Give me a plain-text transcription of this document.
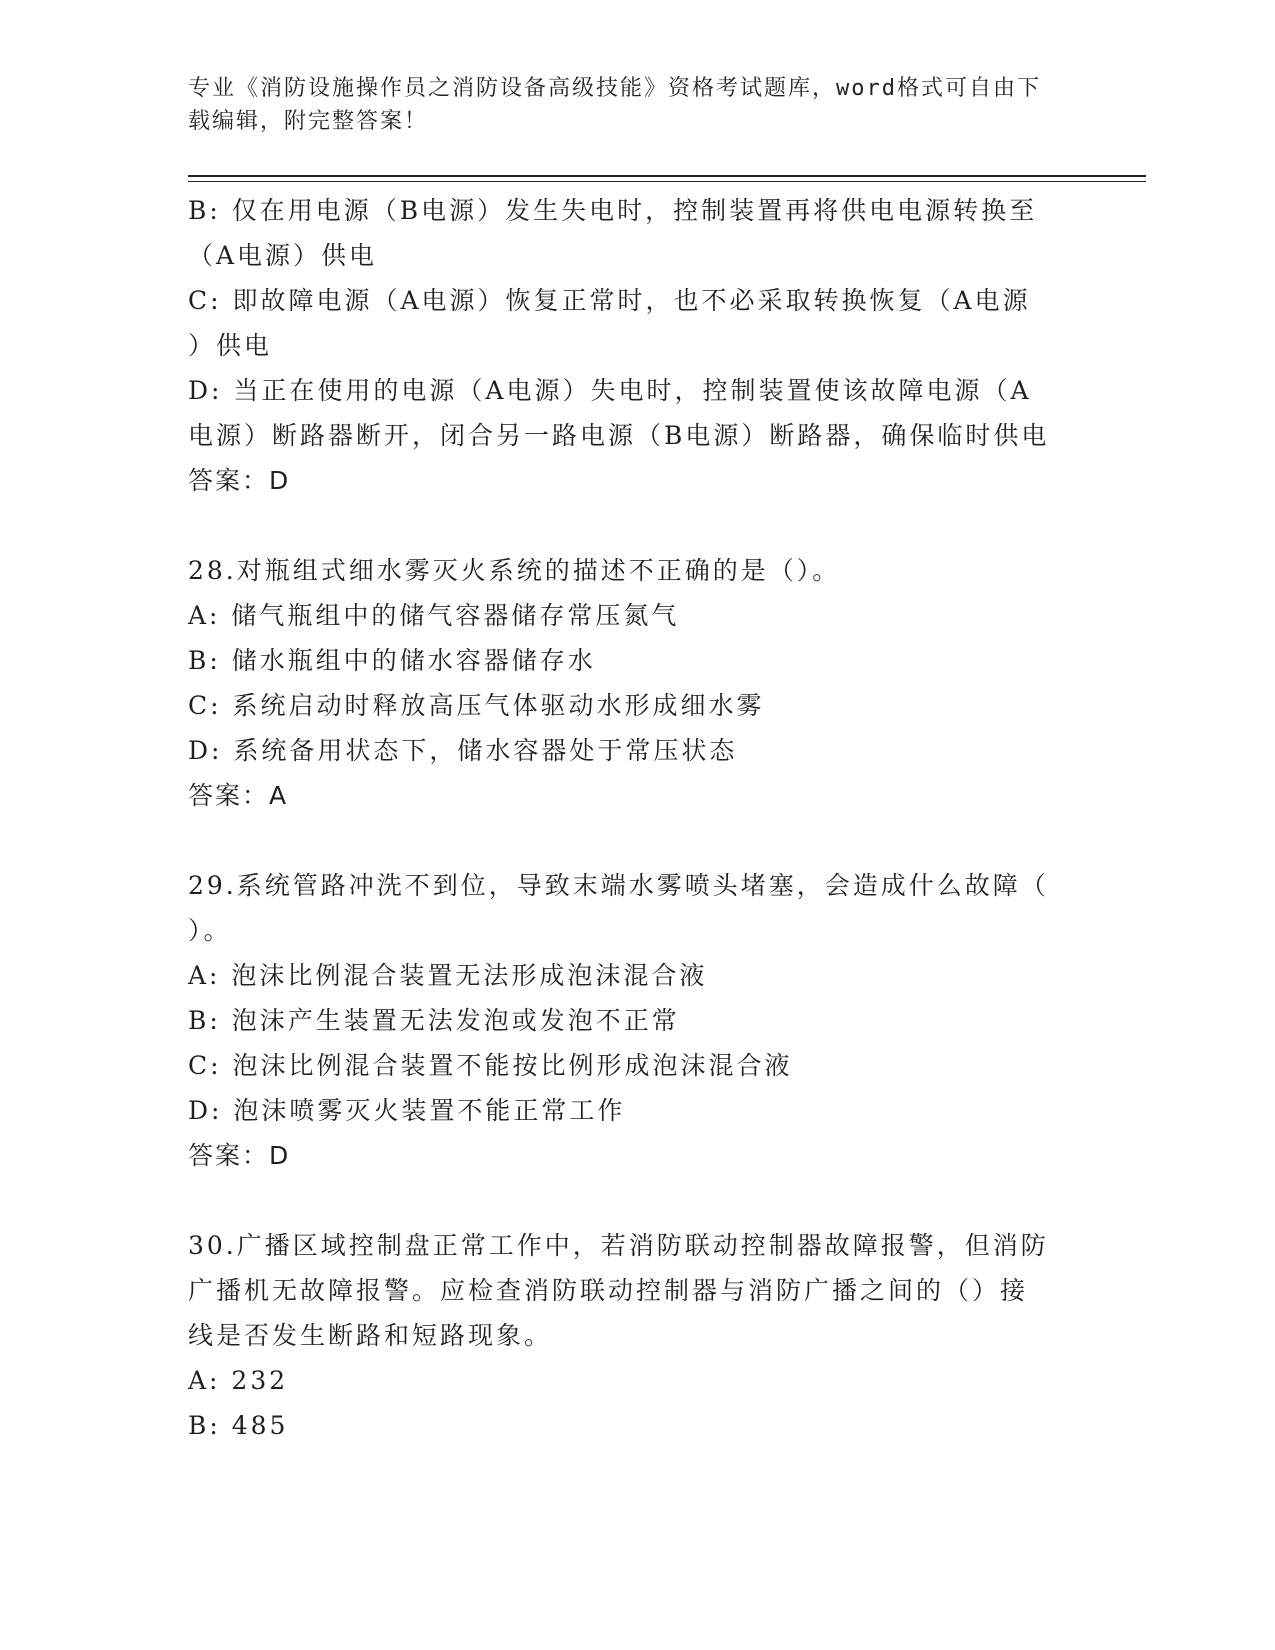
专业《消防设施操作员之消防设备高级技能》资格考试题库，word格式可自由下
载编辑，附完整答案！
B: 仅在用电源（B电源）发生失电时，控制装置再将供电电源转换至
（A电源）供电
C: 即故障电源（A电源）恢复正常时，也不必采取转换恢复（A电源
）供电
D: 当正在使用的电源（A电源）失电时，控制装置使该故障电源（A
电源）断路器断开，闭合另一路电源（B电源）断路器，确保临时供电
答案：D
28.对瓶组式细水雾灭火系统的描述不正确的是（）。
A: 储气瓶组中的储气容器储存常压氮气
B: 储水瓶组中的储水容器储存水
C: 系统启动时释放高压气体驱动水形成细水雾
D: 系统备用状态下，储水容器处于常压状态
答案：A
29.系统管路冲洗不到位，导致末端水雾喷头堵塞，会造成什么故障（
）。
A: 泡沫比例混合装置无法形成泡沫混合液
B: 泡沫产生装置无法发泡或发泡不正常
C: 泡沫比例混合装置不能按比例形成泡沫混合液
D: 泡沫喷雾灭火装置不能正常工作
答案：D
30.广播区域控制盘正常工作中，若消防联动控制器故障报警，但消防
广播机无故障报警。应检查消防联动控制器与消防广播之间的（）接
线是否发生断路和短路现象。
A: 232
B: 485
